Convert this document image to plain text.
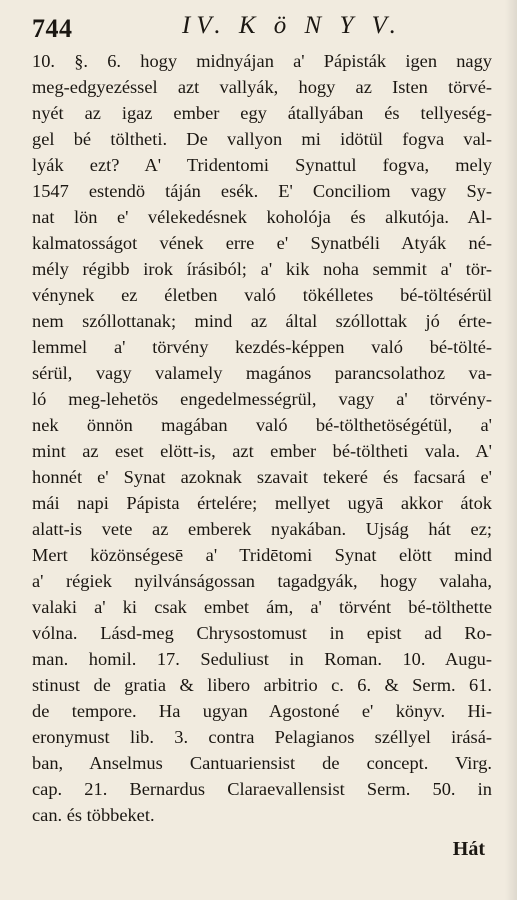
744	IV. K ö N Y V.
10. §. 6. hogy midnyájan a' Pápisták igen nagy
meg-edgyezéssel azt vallyák, hogy az Isten törvé-
nyét az igaz ember egy átallyában és tellyeség-
gel bé töltheti. De vallyon mi idötül fogva val-
lyák ezt? A' Tridentomi Synattul fogva, mely
1547 estendö táján esék. E' Conciliom vagy Sy-
nat lön e' vélekedésnek koholója és alkutója. Al-
kalmatosságot vének erre e' Synatbéli Atyák né-
mély régibb irok írásiból; a' kik noha semmit a' tör-
vénynek ez életben való tökélletes bé-töltésérül
nem szóllottanak; mind az által szóllottak jó érte-
lemmel a' törvény kezdés-képpen való bé-tölté-
sérül, vagy valamely magános parancsolathoz va-
ló meg-lehetös engedelmességrül, vagy a' törvény-
nek önnön magában való bé-tölthetöségétül, a'
mint az eset elött-is, azt ember bé-töltheti vala. A'
honnét e' Synat azoknak szavait tekeré és facsará e'
mái napi Pápista értelére; mellyet ugyā akkor átok
alatt-is vete az emberek nyakában. Ujság hát ez;
Mert közönségesē a' Tridētomi Synat elött mind
a' régiek nyilvánságossan tagadgyák, hogy valaha,
valaki a' ki csak embet ám, a' törvént bé-tölthette
vólna. Lásd-meg Chrysostomust in epist ad Ro-
man. homil. 17. Seduliust in Roman. 10. Augu-
stinust de gratia & libero arbitrio c. 6. & Serm. 61.
de tempore. Ha ugyan Agostoné e' könyv. Hi-
eronymust lib. 3. contra Pelagianos széllyel irásá-
ban, Anselmus Cantuariensist de concept. Virg.
cap. 21. Bernardus Claraevallensist Serm. 50. in
can. és többeket.
Hát
